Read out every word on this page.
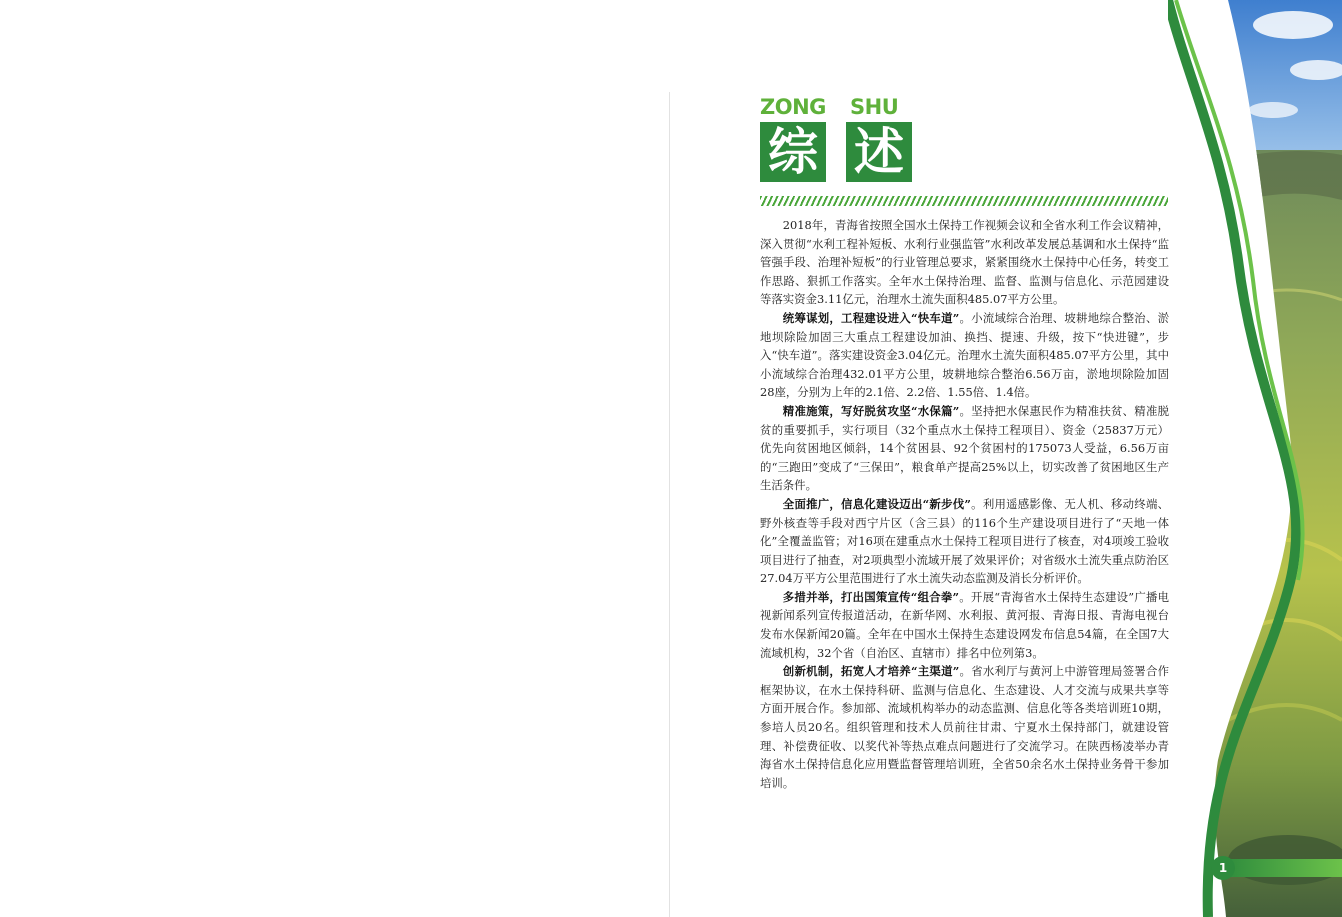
ZONG SHU
综 述

2018年，青海省按照全国水土保持工作视频会议和全省水利工作会议精神，深入贯彻“水利工程补短板、水利行业强监管”水利改革发展总基调和水土保持“监管强手段、治理补短板”的行业管理总要求，紧紧围绕水土保持中心任务，转变工作思路、狠抓工作落实。全年水土保持治理、监督、监测与信息化、示范园建设等落实资金3.11亿元，治理水土流失面积485.07平方公里。

统筹谋划，工程建设进入“快车道”。小流域综合治理、坡耕地综合整治、淤地坝除险加固三大重点工程建设加油、换挡、提速、升级，按下“快进键”，步入“快车道”。落实建设资金3.04亿元。治理水土流失面积485.07平方公里，其中小流域综合治理432.01平方公里，坡耕地综合整治6.56万亩，淤地坝除险加固28座，分别为上年的2.1倍、2.2倍、1.55倍、1.4倍。

精准施策，写好脱贫攻坚“水保篇”。坚持把水保惠民作为精准扶贫、精准脱贫的重要抓手，实行项目（32个重点水土保持工程项目）、资金（25837万元）优先向贫困地区倾斜，14个贫困县、92个贫困村的175073人受益，6.56万亩的“三跑田”变成了“三保田”，粮食单产提高25%以上，切实改善了贫困地区生产生活条件。

全面推广，信息化建设迈出“新步伐”。利用遥感影像、无人机、移动终端、野外核查等手段对西宁片区（含三县）的116个生产建设项目进行了“天地一体化”全覆盖监管；对16项在建重点水土保持工程项目进行了核查，对4项竣工验收项目进行了抽查，对2项典型小流域开展了效果评价；对省级水土流失重点防治区27.04万平方公里范围进行了水土流失动态监测及消长分析评价。

多措并举，打出国策宣传“组合拳”。开展“青海省水土保持生态建设”广播电视新闻系列宣传报道活动，在新华网、水利报、黄河报、青海日报、青海电视台发布水保新闻20篇。全年在中国水土保持生态建设网发布信息54篇，在全国7大流域机构，32个省（自治区、直辖市）排名中位列第3。

创新机制，拓宽人才培养“主渠道”。省水利厅与黄河上中游管理局签署合作框架协议，在水土保持科研、监测与信息化、生态建设、人才交流与成果共享等方面开展合作。参加部、流域机构举办的动态监测、信息化等各类培训班10期，参培人员20名。组织管理和技术人员前往甘肃、宁夏水土保持部门，就建设管理、补偿费征收、以奖代补等热点难点问题进行了交流学习。在陕西杨凌举办青海省水土保持信息化应用暨监督管理培训班，全省50余名水土保持业务骨干参加培训。

1
